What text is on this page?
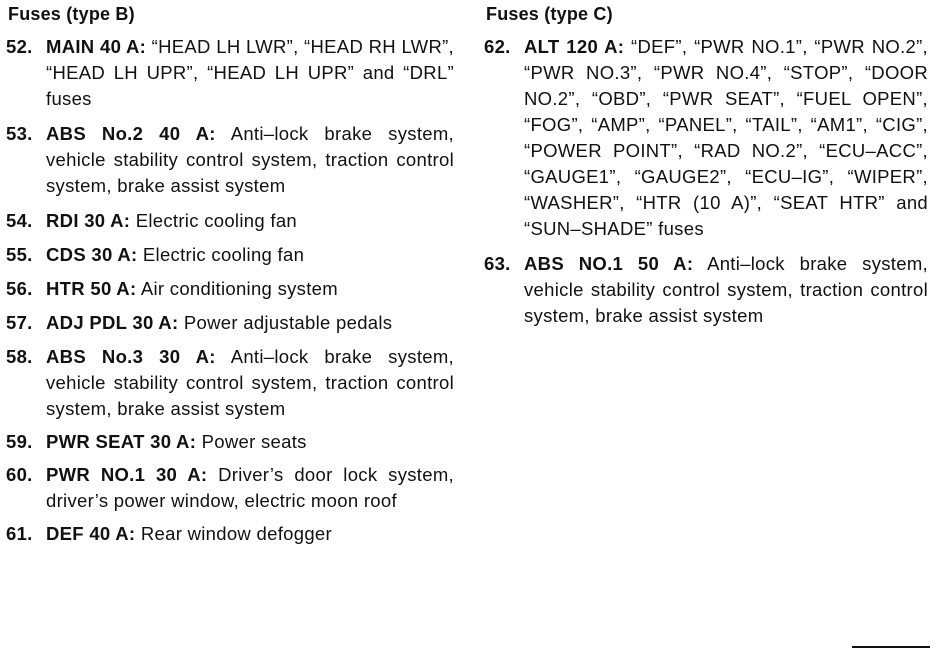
Fuses (type B)
52. MAIN 40 A: “HEAD LH LWR”, “HEAD RH LWR”, “HEAD LH UPR”, “HEAD LH UPR” and “DRL” fuses
53. ABS No.2 40 A: Anti–lock brake system, vehicle stability control system, traction control system, brake assist system
54. RDI 30 A: Electric cooling fan
55. CDS 30 A: Electric cooling fan
56. HTR 50 A: Air conditioning system
57. ADJ PDL 30 A: Power adjustable pedals
58. ABS No.3 30 A: Anti–lock brake system, vehicle stability control system, traction control system, brake assist system
59. PWR SEAT 30 A: Power seats
60. PWR NO.1 30 A: Driver’s door lock system, driver’s power window, electric moon roof
61. DEF 40 A: Rear window defogger
Fuses (type C)
62. ALT 120 A: “DEF”, “PWR NO.1”, “PWR NO.2”, “PWR NO.3”, “PWR NO.4”, “STOP”, “DOOR NO.2”, “OBD”, “PWR SEAT”, “FUEL OPEN”, “FOG”, “AMP”, “PANEL”, “TAIL”, “AM1”, “CIG”, “POWER POINT”, “RAD NO.2”, “ECU–ACC”, “GAUGE1”, “GAUGE2”, “ECU–IG”, “WIPER”, “WASHER”, “HTR (10 A)”, “SEAT HTR” and “SUN–SHADE” fuses
63. ABS NO.1 50 A: Anti–lock brake system, vehicle stability control system, traction control system, brake assist system
